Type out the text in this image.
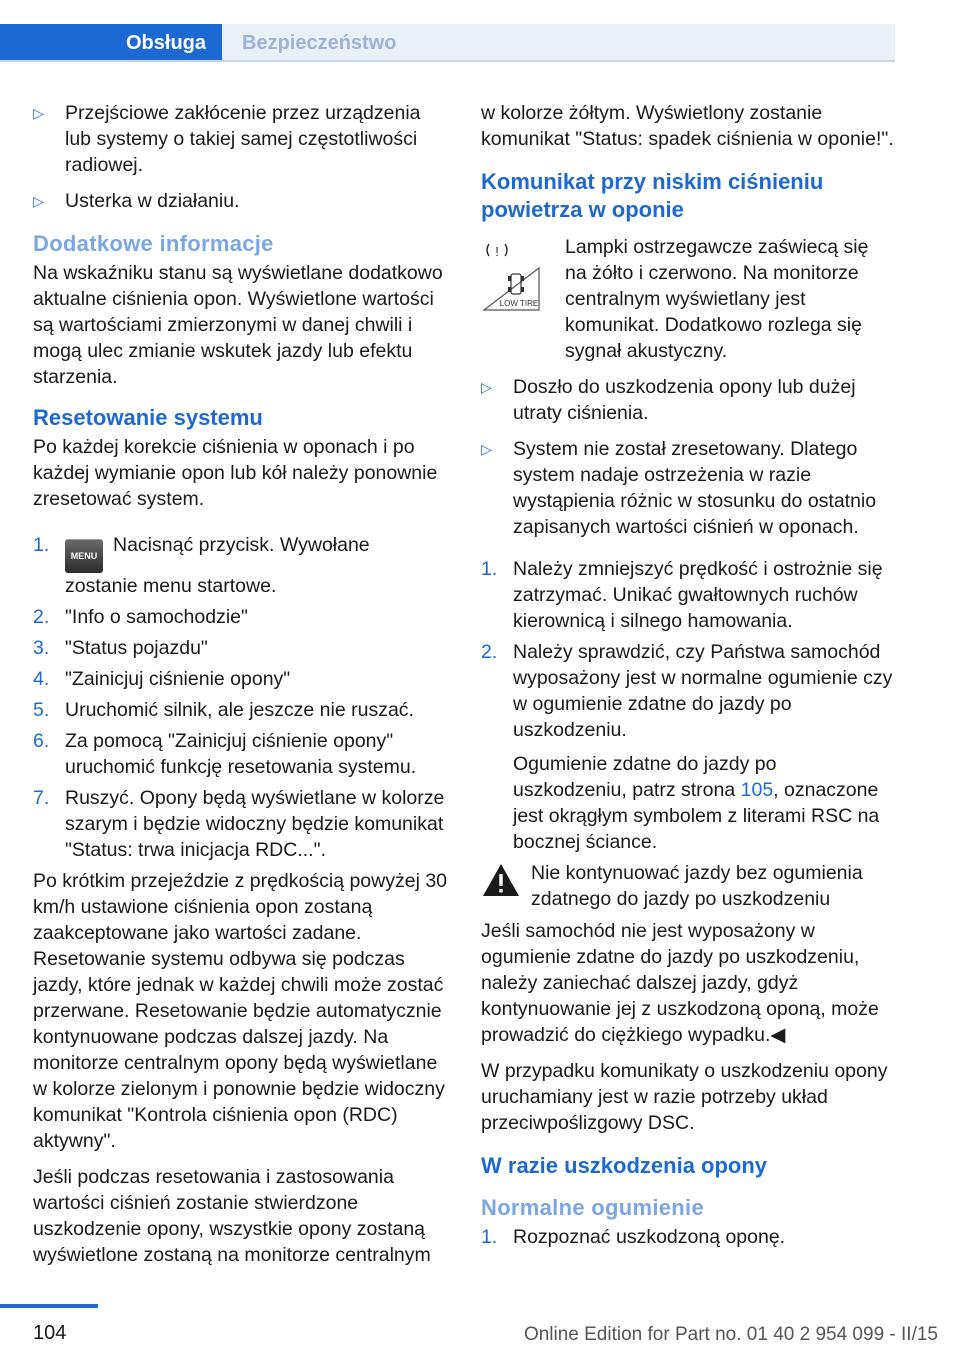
Obsługa	Bezpieczeństwo
▷ Przejściowe zakłócenie przez urządzenia lub systemy o takiej samej częstotliwości radiowej.
▷ Usterka w działaniu.
Dodatkowe informacje

Na wskaźniku stanu są wyświetlane dodatkowo aktualne ciśnienia opon. Wyświetlone wartości są wartościami zmierzonymi w danej chwili i mogą ulec zmianie wskutek jazdy lub efektu starzenia.

Resetowanie systemu

Po każdej korekcie ciśnienia w oponach i po każdej wymianie opon lub kół należy ponownie zresetować system.

1. MENU Nacisnąć przycisk. Wywołane zostanie menu startowe.
2. "Info o samochodzie"
3. "Status pojazdu"
4. "Zainicjuj ciśnienie opony"
5. Uruchomić silnik, ale jeszcze nie ruszać.
6. Za pomocą "Zainicjuj ciśnienie opony" uruchomić funkcję resetowania systemu.
7. Ruszyć. Opony będą wyświetlane w kolorze szarym i będzie widoczny będzie komunikat "Status: trwa inicjacja RDC...".

Po krótkim przejeździe z prędkością powyżej 30 km/h ustawione ciśnienia opon zostaną zaakceptowane jako wartości zadane. Resetowanie systemu odbywa się podczas jazdy, które jednak w każdej chwili może zostać przerwane. Resetowanie będzie automatycznie kontynuowane podczas dalszej jazdy. Na monitorze centralnym opony będą wyświetlane w kolorze zielonym i ponownie będzie widoczny komunikat "Kontrola ciśnienia opon (RDC) aktywny".

Jeśli podczas resetowania i zastosowania wartości ciśnień zostanie stwierdzone uszkodzenie opony, wszystkie opony zostaną wyświetlone zostaną na monitorze centralnym

w kolorze żółtym. Wyświetlony zostanie komunikat "Status: spadek ciśnienia w oponie!".

Komunikat przy niskim ciśnieniu powietrza w oponie
!
LOW TIRE

Lampki ostrzegawcze zaświecą się na żółto i czerwono. Na monitorze centralnym wyświetlany jest komunikat. Dodatkowo rozlega się sygnał akustyczny.

▷ Doszło do uszkodzenia opony lub dużej utraty ciśnienia.
▷ System nie został zresetowany. Dlatego system nadaje ostrzeżenia w razie wystąpienia różnic w stosunku do ostatnio zapisanych wartości ciśnień w oponach.
1. Należy zmniejszyć prędkość i ostrożnie się zatrzymać. Unikać gwałtownych ruchów kierownicą i silnego hamowania.
2. Należy sprawdzić, czy Państwa samochód wyposażony jest w normalne ogumienie czy w ogumienie zdatne do jazdy po uszkodzeniu.
Ogumienie zdatne do jazdy po uszkodzeniu, patrz strona 105, oznaczone jest okrągłym symbolem z literami RSC na bocznej ściance.
Nie kontynuować jazdy bez ogumienia zdatnego do jazdy po uszkodzeniu

Jeśli samochód nie jest wyposażony w ogumienie zdatne do jazdy po uszkodzeniu, należy zaniechać dalszej jazdy, gdyż kontynuowanie jej z uszkodzoną oponą, może prowadzić do ciężkiego wypadku.◀

W przypadku komunikaty o uszkodzeniu opony uruchamiany jest w razie potrzeby układ przeciwpoślizgowy DSC.

W razie uszkodzenia opony
Normalne ogumienie
1. Rozpoznać uszkodzoną oponę.
104	Online Edition for Part no. 01 40 2 954 099 - II/15
